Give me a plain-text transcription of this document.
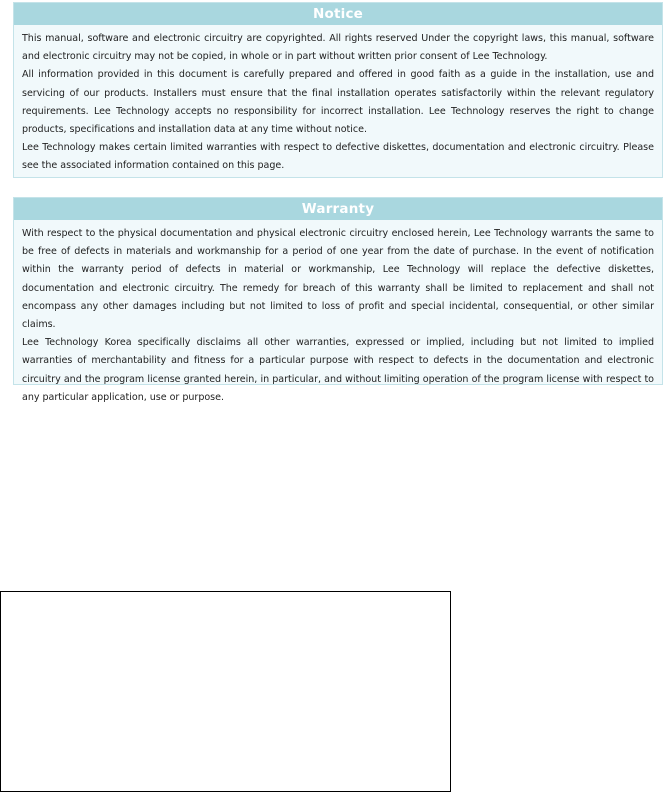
Notice

This manual, software and electronic circuitry are copyrighted. All rights reserved Under the copyright laws, this manual, software and electronic circuitry may not be copied, in whole or in part without written prior consent of Lee Technology.

All information provided in this document is carefully prepared and offered in good faith as a guide in the installation, use and servicing of our products. Installers must ensure that the final installation operates satisfactorily within the relevant regulatory requirements. Lee Technology accepts no responsibility for incorrect installation. Lee Technology reserves the right to change products, specifications and installation data at any time without notice.

Lee Technology makes certain limited warranties with respect to defective diskettes, documentation and electronic circuitry. Please see the associated information contained on this page.

Warranty

With respect to the physical documentation and physical electronic circuitry enclosed herein, Lee Technology warrants the same to be free of defects in materials and workmanship for a period of one year from the date of purchase. In the event of notification within the warranty period of defects in material or workmanship, Lee Technology will replace the defective diskettes, documentation and electronic circuitry. The remedy for breach of this warranty shall be limited to replacement and shall not encompass any other damages including but not limited to loss of profit and special incidental, consequential, or other similar claims.

Lee Technology Korea specifically disclaims all other warranties, expressed or implied, including but not limited to implied warranties of merchantability and fitness for a particular purpose with respect to defects in the documentation and electronic circuitry and the program license granted herein, in particular, and without limiting operation of the program license with respect to any particular application, use or purpose.
